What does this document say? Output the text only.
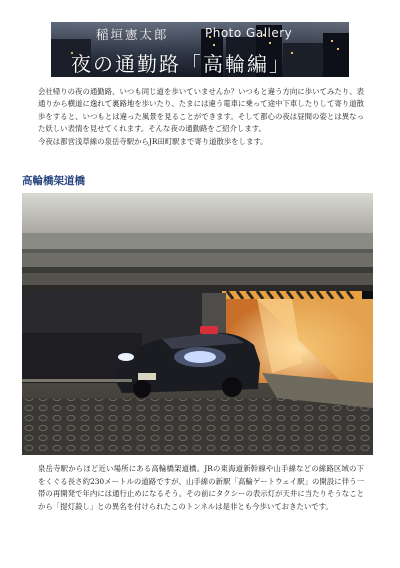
稲垣憲太郎	Photo Gallery
夜の通勤路「高輪編」

会社帰りの夜の通勤路、いつも同じ道を歩いていませんか？いつもと違う方向に歩いてみたり、表通りから横道に逸れて裏路地を歩いたり、たまには違う電車に乗って途中下車したりして寄り道散歩をすると、いつもとは違った風景を見ることができます。そして都心の夜は昼間の姿とは異なった妖しい表情を見せてくれます。そんな夜の通勤路をご紹介します。

今夜は都営浅草線の泉岳寺駅からJR田町駅まで寄り道散歩をします。

高輪橋架道橋

泉岳寺駅からほど近い場所にある高輪橋架道橋。JRの東海道新幹線や山手線などの線路区域の下をくぐる長さ約230メートルの道路ですが、山手線の新駅「高輪ゲートウェイ駅」の開設に伴う一帯の再開発で年内には通行止めになるそう。その前にタクシーの表示灯が天井に当たりそうなことから「提灯殺し」との異名を付けられたこのトンネルは是非とも今歩いておきたいです。
